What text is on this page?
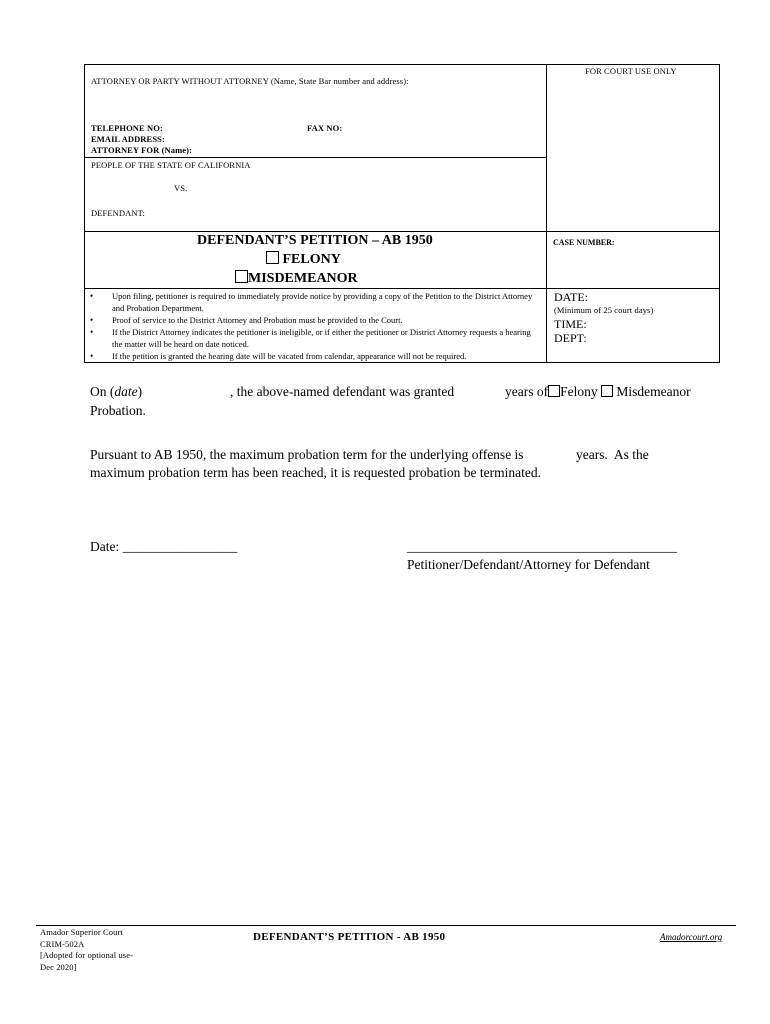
ATTORNEY OR PARTY WITHOUT ATTORNEY (Name, State Bar number and address):
FOR COURT USE ONLY
TELEPHONE NO:	FAX NO:
EMAIL ADDRESS:
ATTORNEY FOR (Name):
PEOPLE OF THE STATE OF CALIFORNIA
VS.
DEFENDANT:
DEFENDANT’S PETITION – AB 1950
FELONY
MISDEMEANOR
CASE NUMBER:
• Upon filing, petitioner is required to immediately provide notice by providing a copy of the Petition to the District Attorney and Probation Department.
• Proof of service to the District Attorney and Probation must be provided to the Court.
• If the District Attorney indicates the petitioner is ineligible, or if either the petitioner or District Attorney requests a hearing the matter will be heard on date noticed.
• If the petition is granted the hearing date will be vacated from calendar, appearance will not be required.
DATE:
(Minimum of 25 court days)
TIME:
DEPT:
On (date)	, the above-named defendant was granted	years of Felony Misdemeanor
Probation.
Pursuant to AB 1950, the maximum probation term for the underlying offense is	years.  As the
maximum probation term has been reached, it is requested probation be terminated.
Date: _________________	________________________________________
Petitioner/Defendant/Attorney for Defendant
Amador Superior Court
CRIM-502A
[Adopted for optional use-
Dec 2020]
DEFENDANT’S PETITION - AB 1950	Amadorcourt.org
